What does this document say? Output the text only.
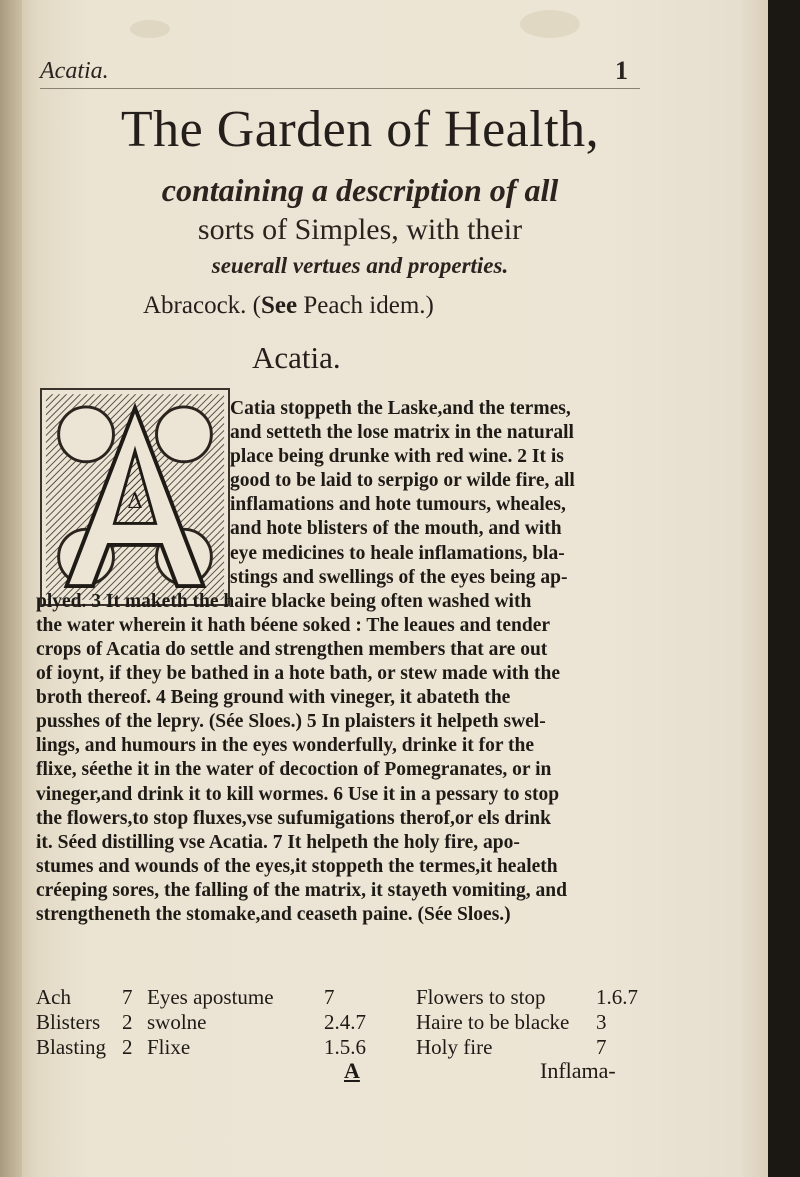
Acatia.	1
The Garden of Health,
containing a description of all
sorts of Simples, with their
seuerall vertues and properties.
Abracock. (See Peach idem.)
Acatia.
Δ
Catia stoppeth the Laske,and the termes,
and setteth the lose matrix in the naturall
place being drunke with red wine. 2 It is
good to be laid to serpigo or wilde fire, all
inflamations and hote tumours, wheales,
and hote blisters of the mouth, and with
eye medicines to heale inflamations, bla-
stings and swellings of the eyes being ap-
plyed. 3 It maketh the haire blacke being often washed with
the water wherein it hath béene soked : The leaues and tender
crops of Acatia do settle and strengthen members that are out
of ioynt, if they be bathed in a hote bath, or stew made with the
broth thereof. 4 Being ground with vineger, it abateth the
pusshes of the lepry. (Sée Sloes.) 5 In plaisters it helpeth swel-
lings, and humours in the eyes wonderfully, drinke it for the
flixe, séethe it in the water of decoction of Pomegranates, or in
vineger,and drink it to kill wormes. 6 Use it in a pessary to stop
the flowers,to stop fluxes,vse sufumigations therof,or els drink
it. Séed distilling vse Acatia. 7 It helpeth the holy fire, apo-
stumes and wounds of the eyes,it stoppeth the termes,it healeth
créeping sores, the falling of the matrix, it stayeth vomiting, and
strengtheneth the stomake,and ceaseth paine. (Sée Sloes.)
Ach 7 Eyes apostume 7	Flowers to stop 1.6.7
Blisters 2 swolne	2.4.7 Haire to be blacke 3
Blasting 2 Flixe	1.5.6 Holy fire	7
A	Inflama-
